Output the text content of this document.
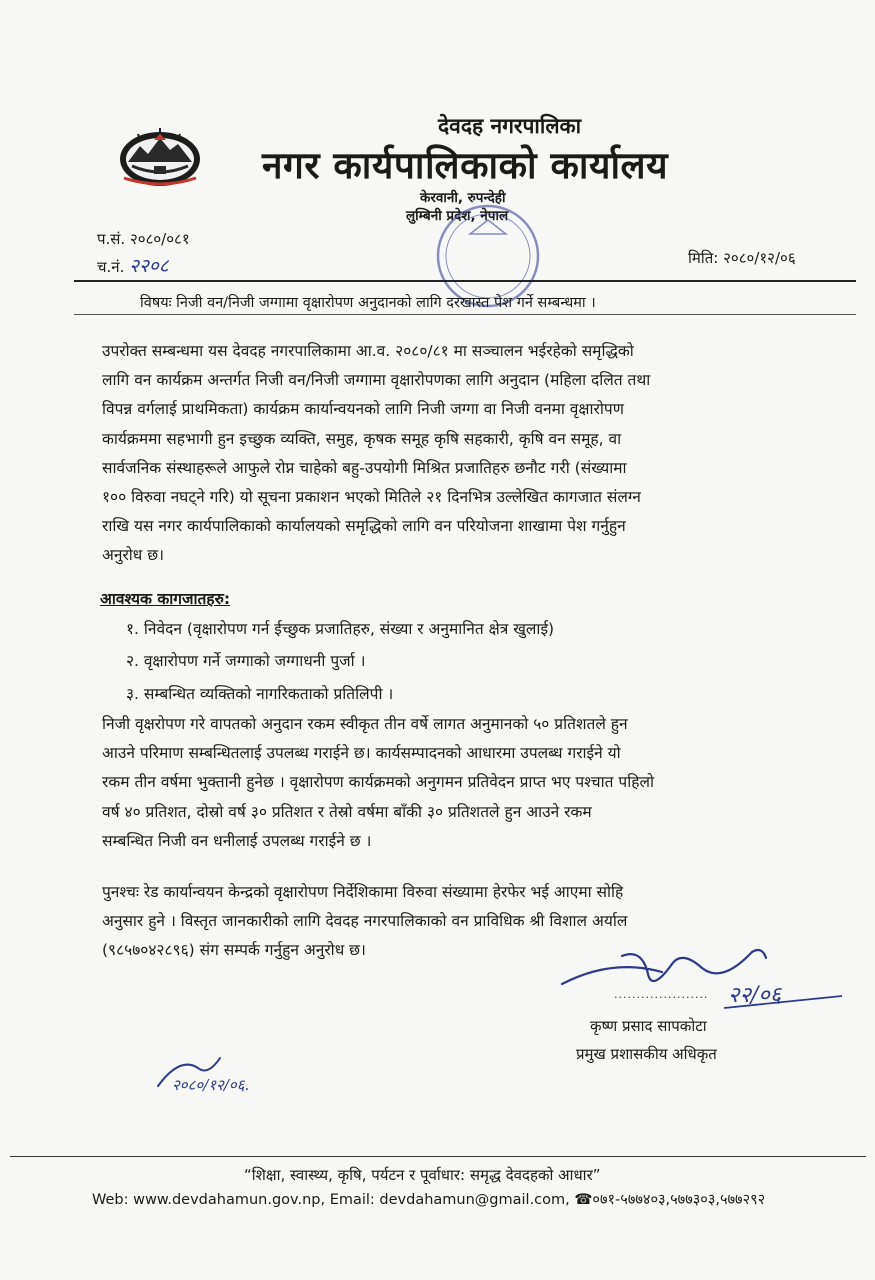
देवदह नगरपालिका
नगर कार्यपालिकाको कार्यालय
केरवानी, रुपन्देही
लुम्बिनी प्रदेश, नेपाल
प.सं. २०८०/०८१
च.नं. २२०८	मिति: २०८०/१२/०६
विषयः निजी वन/निजी जग्गामा वृक्षारोपण अनुदानको लागि दरखास्त पेश गर्ने सम्बन्धमा ।
उपरोक्त सम्बन्धमा यस देवदह नगरपालिकामा आ.व. २०८०/८१ मा सञ्चालन भईरहेको समृद्धिको
लागि वन कार्यक्रम अन्तर्गत निजी वन/निजी जग्गामा वृक्षारोपणका लागि अनुदान (महिला दलित तथा
विपन्न वर्गलाई प्राथमिकता) कार्यक्रम कार्यान्वयनको लागि निजी जग्गा वा निजी वनमा वृक्षारोपण
कार्यक्रममा सहभागी हुन इच्छुक व्यक्ति, समुह, कृषक समूह कृषि सहकारी, कृषि वन समूह, वा
सार्वजनिक संस्थाहरूले आफुले रोप्न चाहेको बहु-उपयोगी मिश्रित प्रजातिहरु छनौट गरी (संख्यामा
१०० विरुवा नघट्ने गरि) यो सूचना प्रकाशन भएको मितिले २१ दिनभित्र उल्लेखित कागजात संलग्न
राखि यस नगर कार्यपालिकाको कार्यालयको समृद्धिको लागि वन परियोजना शाखामा पेश गर्नुहुन
अनुरोध छ।
आवश्यक कागजातहरु:
१. निवेदन (वृक्षारोपण गर्न ईच्छुक प्रजातिहरु, संख्या र अनुमानित क्षेत्र खुलाई)
२. वृक्षारोपण गर्ने जग्गाको जग्गाधनी पुर्जा ।
३. सम्बन्धित व्यक्तिको नागरिकताको प्रतिलिपी ।
निजी वृक्षरोपण गरे वापतको अनुदान रकम स्वीकृत तीन वर्षे लागत अनुमानको ५० प्रतिशतले हुन
आउने परिमाण सम्बन्धितलाई उपलब्ध गराईने छ। कार्यसम्पादनको आधारमा उपलब्ध गराईने यो
रकम तीन वर्षमा भुक्तानी हुनेछ । वृक्षारोपण कार्यक्रमको अनुगमन प्रतिवेदन प्राप्त भए पश्चात पहिलो
वर्ष ४० प्रतिशत, दोस्रो वर्ष ३० प्रतिशत र तेस्रो वर्षमा बाँकी ३० प्रतिशतले हुन आउने रकम
सम्बन्धित निजी वन धनीलाई उपलब्ध गराईने छ ।
पुनश्चः रेड कार्यान्वयन केन्द्रको वृक्षारोपण निर्देशिकामा विरुवा संख्यामा हेरफेर भई आएमा सोहि
अनुसार हुने । विस्तृत जानकारीको लागि देवदह नगरपालिकाको वन प्राविधिक श्री विशाल अर्याल
(९८५७०४२८९६) संग सम्पर्क गर्नुहुन अनुरोध छ।
२२/०६
.....................
कृष्ण प्रसाद सापकोटा
प्रमुख प्रशासकीय अधिकृत
२०८०/१२/०६.
“शिक्षा, स्वास्थ्य, कृषि, पर्यटन र पूर्वाधार: समृद्ध देवदहको आधार”
Web: www.devdahamun.gov.np, Email: devdahamun@gmail.com, ☎०७१-५७७४०३,५७७३०३,५७७२९२
